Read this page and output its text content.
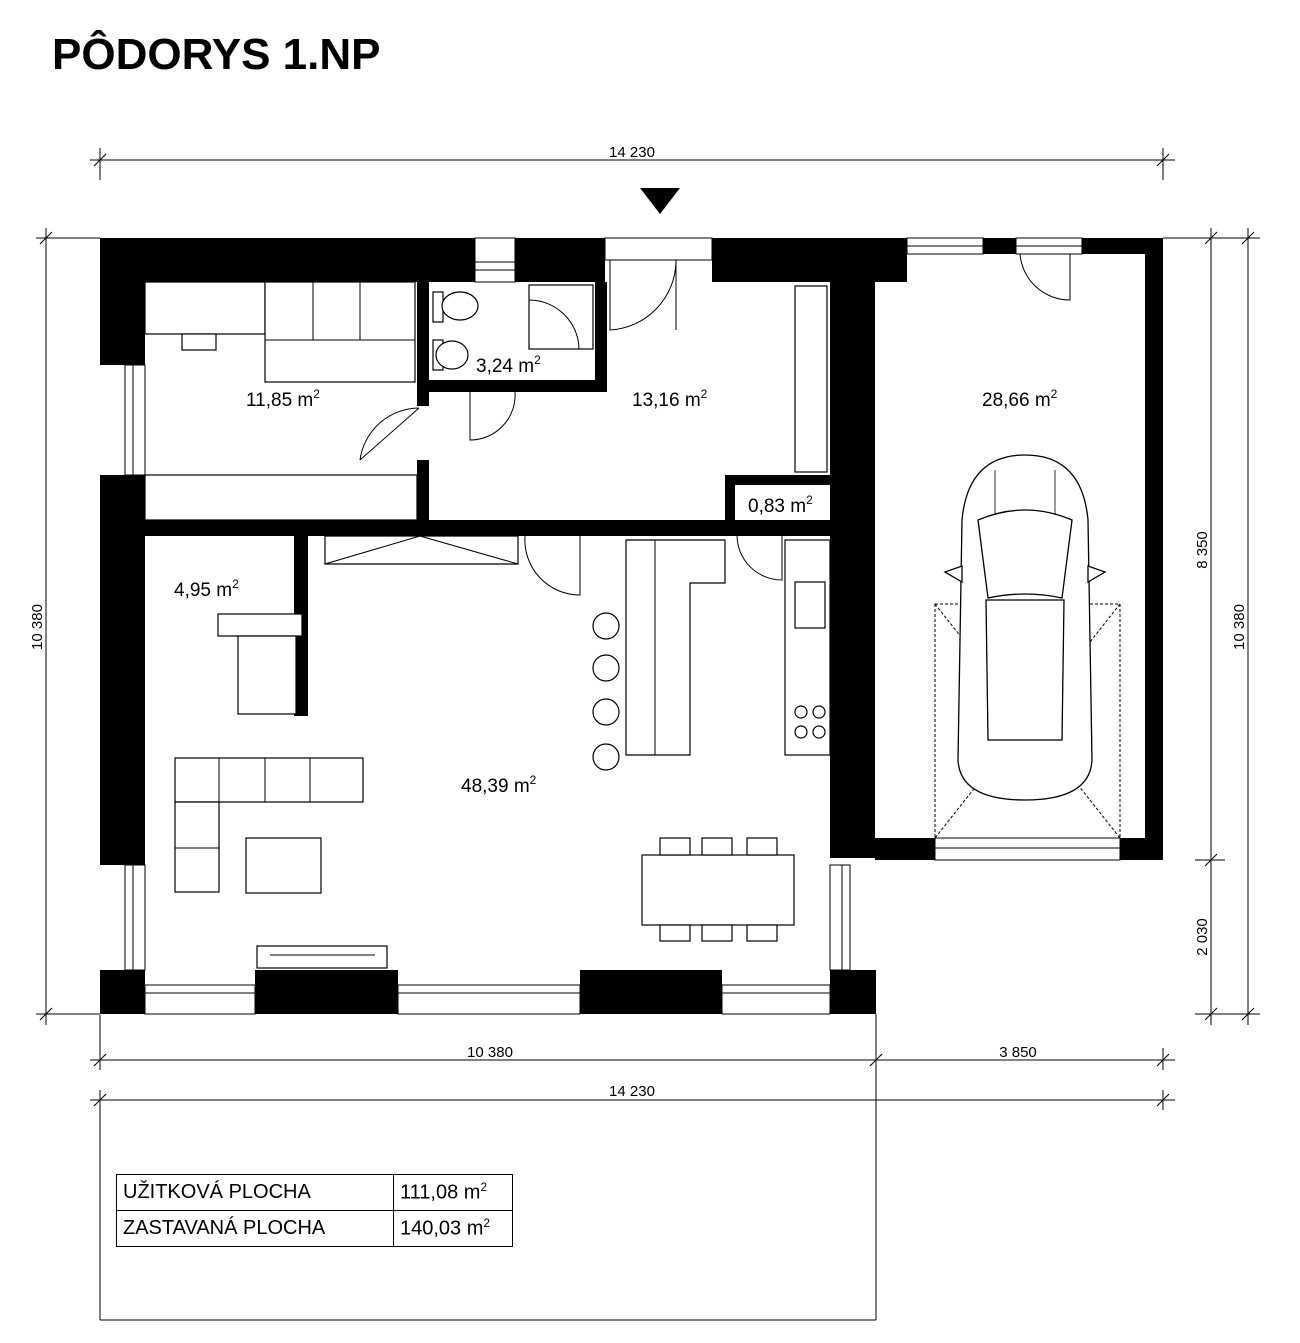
PÔDORYS 1.NP
14 230
10 380	3 850
14 230
10 380
8 350
2 030
10 380
11,85 $m^2$
3,24 $m^2$
13,16 $m^2$
0,83 $m^2$
28,66 $m^2$
4,95 $m^2$
48,39 $m^2$
UŽITKOVÁ PLOCHA	111,08 $m^2$
ZASTAVANÁ PLOCHA	140,03 $m^2$
